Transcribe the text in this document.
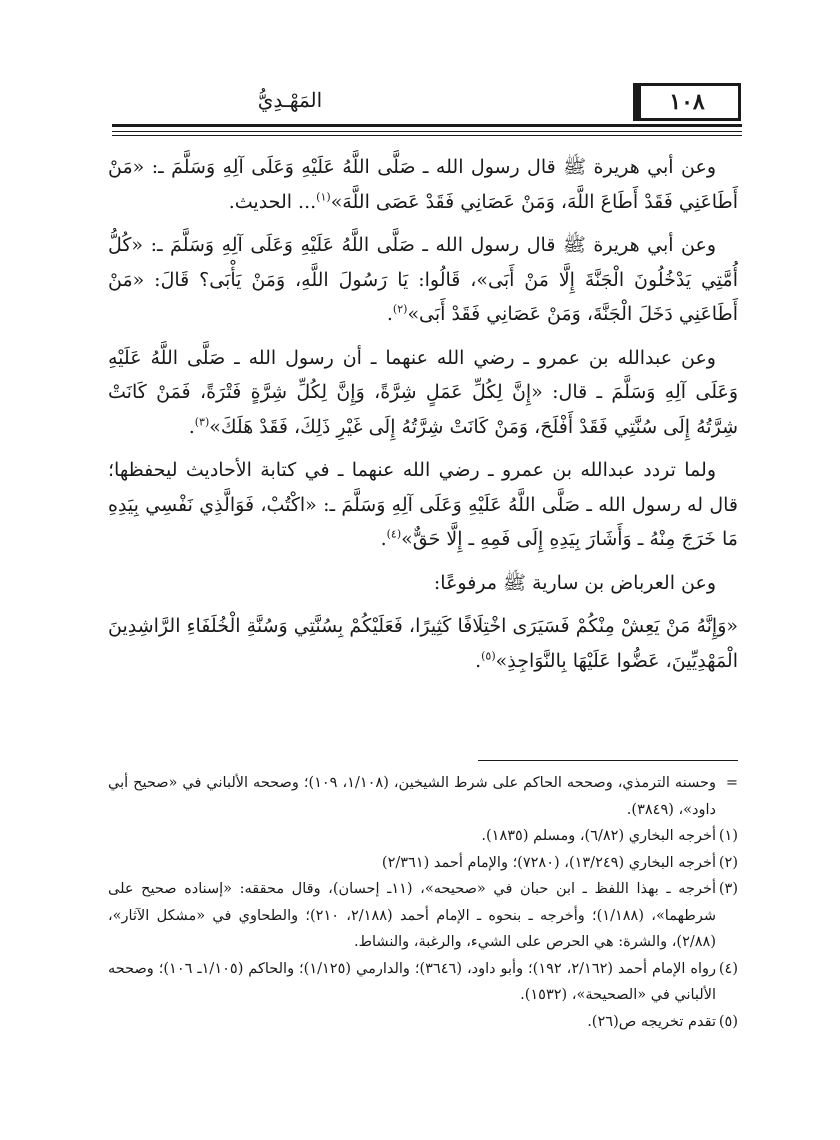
المَهْـدِيُّ	١٠٨

وعن أبي هريرة ﷺ قال رسول الله ـ صَلَّى اللَّهُ عَلَيْهِ وَعَلَى آلِهِ وَسَلَّمَ ـ: «مَنْ أَطَاعَنِي فَقَدْ أَطَاعَ اللَّهَ، وَمَنْ عَصَانِي فَقَدْ عَصَى اللَّهَ»$^{(١)}$... الحديث.

وعن أبي هريرة ﷺ قال رسول الله ـ صَلَّى اللَّهُ عَلَيْهِ وَعَلَى آلِهِ وَسَلَّمَ ـ: «كُلُّ أُمَّتِي يَدْخُلُونَ الْجَنَّةَ إِلَّا مَنْ أَبَى»، قَالُوا: يَا رَسُولَ اللَّهِ، وَمَنْ يَأْبَى؟ قَالَ: «مَنْ أَطَاعَنِي دَخَلَ الْجَنَّةَ، وَمَنْ عَصَانِي فَقَدْ أَبَى»$^{(٢)}$.

وعن عبدالله بن عمرو ـ رضي الله عنهما ـ أن رسول الله ـ صَلَّى اللَّهُ عَلَيْهِ وَعَلَى آلِهِ وَسَلَّمَ ـ قال: «إِنَّ لِكُلِّ عَمَلٍ شِرَّةً، وَإِنَّ لِكُلِّ شِرَّةٍ فَتْرَةً، فَمَنْ كَانَتْ شِرَّتُهُ إِلَى سُنَّتِي فَقَدْ أَفْلَحَ، وَمَنْ كَانَتْ شِرَّتُهُ إِلَى غَيْرِ ذَلِكَ، فَقَدْ هَلَكَ»$^{(٣)}$.

ولما تردد عبدالله بن عمرو ـ رضي الله عنهما ـ في كتابة الأحاديث ليحفظها؛ قال له رسول الله ـ صَلَّى اللَّهُ عَلَيْهِ وَعَلَى آلِهِ وَسَلَّمَ ـ: «اكْتُبْ، فَوَالَّذِي نَفْسِي بِيَدِهِ مَا خَرَجَ مِنْهُ ـ وَأَشَارَ بِيَدِهِ إِلَى فَمِهِ ـ إِلَّا حَقٌّ»$^{(٤)}$.

وعن العرباض بن سارية ﷺ مرفوعًا:

«وَإِنَّهُ مَنْ يَعِشْ مِنْكُمْ فَسَيَرَى اخْتِلَافًا كَثِيرًا، فَعَلَيْكُمْ بِسُنَّتِي وَسُنَّةِ الْخُلَفَاءِ الرَّاشِدِينَ الْمَهْدِيِّينَ، عَضُّوا عَلَيْهَا بِالنَّوَاجِذِ»$^{(٥)}$.

=
وحسنه الترمذي، وصححه الحاكم على شرط الشيخين، (١/١٠٨، ١٠٩)؛ وصححه الألباني في «صحيح أبي داود»، (٣٨٤٩).

(١)
أخرجه البخاري (٦/٨٢)، ومسلم (١٨٣٥).

(٢)
أخرجه البخاري (١٣/٢٤٩)، (٧٢٨٠)؛ والإمام أحمد (٢/٣٦١)

(٣)
أخرجه ـ بهذا اللفظ ـ ابن حبان في «صحيحه»، (١١ـ إحسان)، وقال محققه: «إسناده صحيح على شرطهما»، (١/١٨٨)؛ وأخرجه ـ بنحوه ـ الإمام أحمد (٢/١٨٨، ٢١٠)؛ والطحاوي في «مشكل الآثار»، (٢/٨٨)، والشرة: هي الحرص على الشيء، والرغبة، والنشاط.

(٤)
رواه الإمام أحمد (٢/١٦٢، ١٩٢)؛ وأبو داود، (٣٦٤٦)؛ والدارمي (١/١٢٥)؛ والحاكم (١/١٠٥ـ ١٠٦)؛ وصححه الألباني في «الصحيحة»، (١٥٣٢).

(٥)
تقدم تخريجه ص(٢٦).
